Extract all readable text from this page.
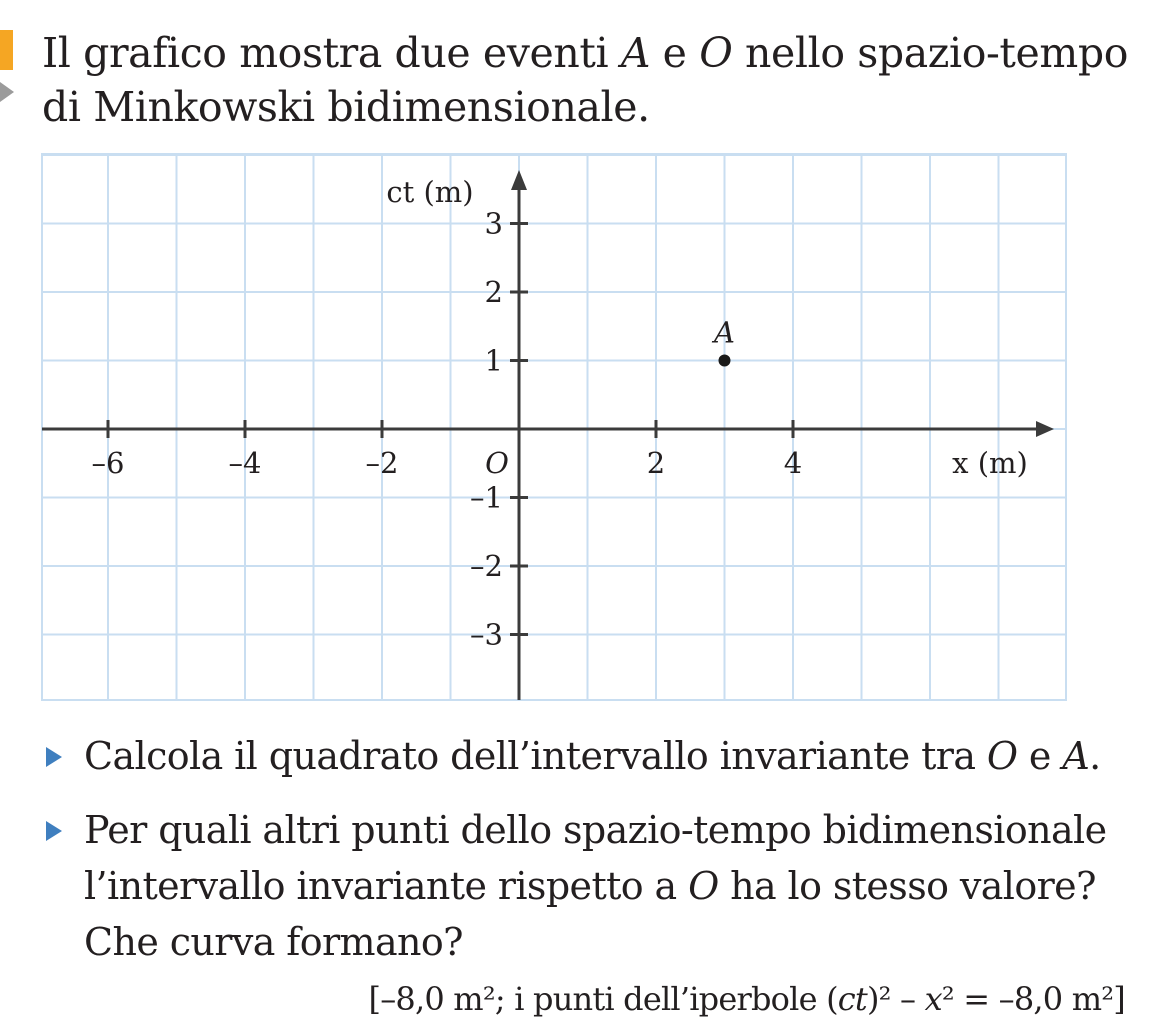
Il grafico mostra due eventi A e O nello spazio-tempo di Minkowski bidimensionale.
–6	–4	–2	2	4
3
2
1
–1
–2
–3
O	x (m)
ct (m)
A
Calcola il quadrato dell’intervallo invariante tra O e A.
Per quali altri punti dello spazio-tempo bidimensionale l’intervallo invariante rispetto a O ha lo stesso valore? Che curva formano?
[–8,0 m²; i punti dell’iperbole (ct)² – x² = –8,0 m²]
